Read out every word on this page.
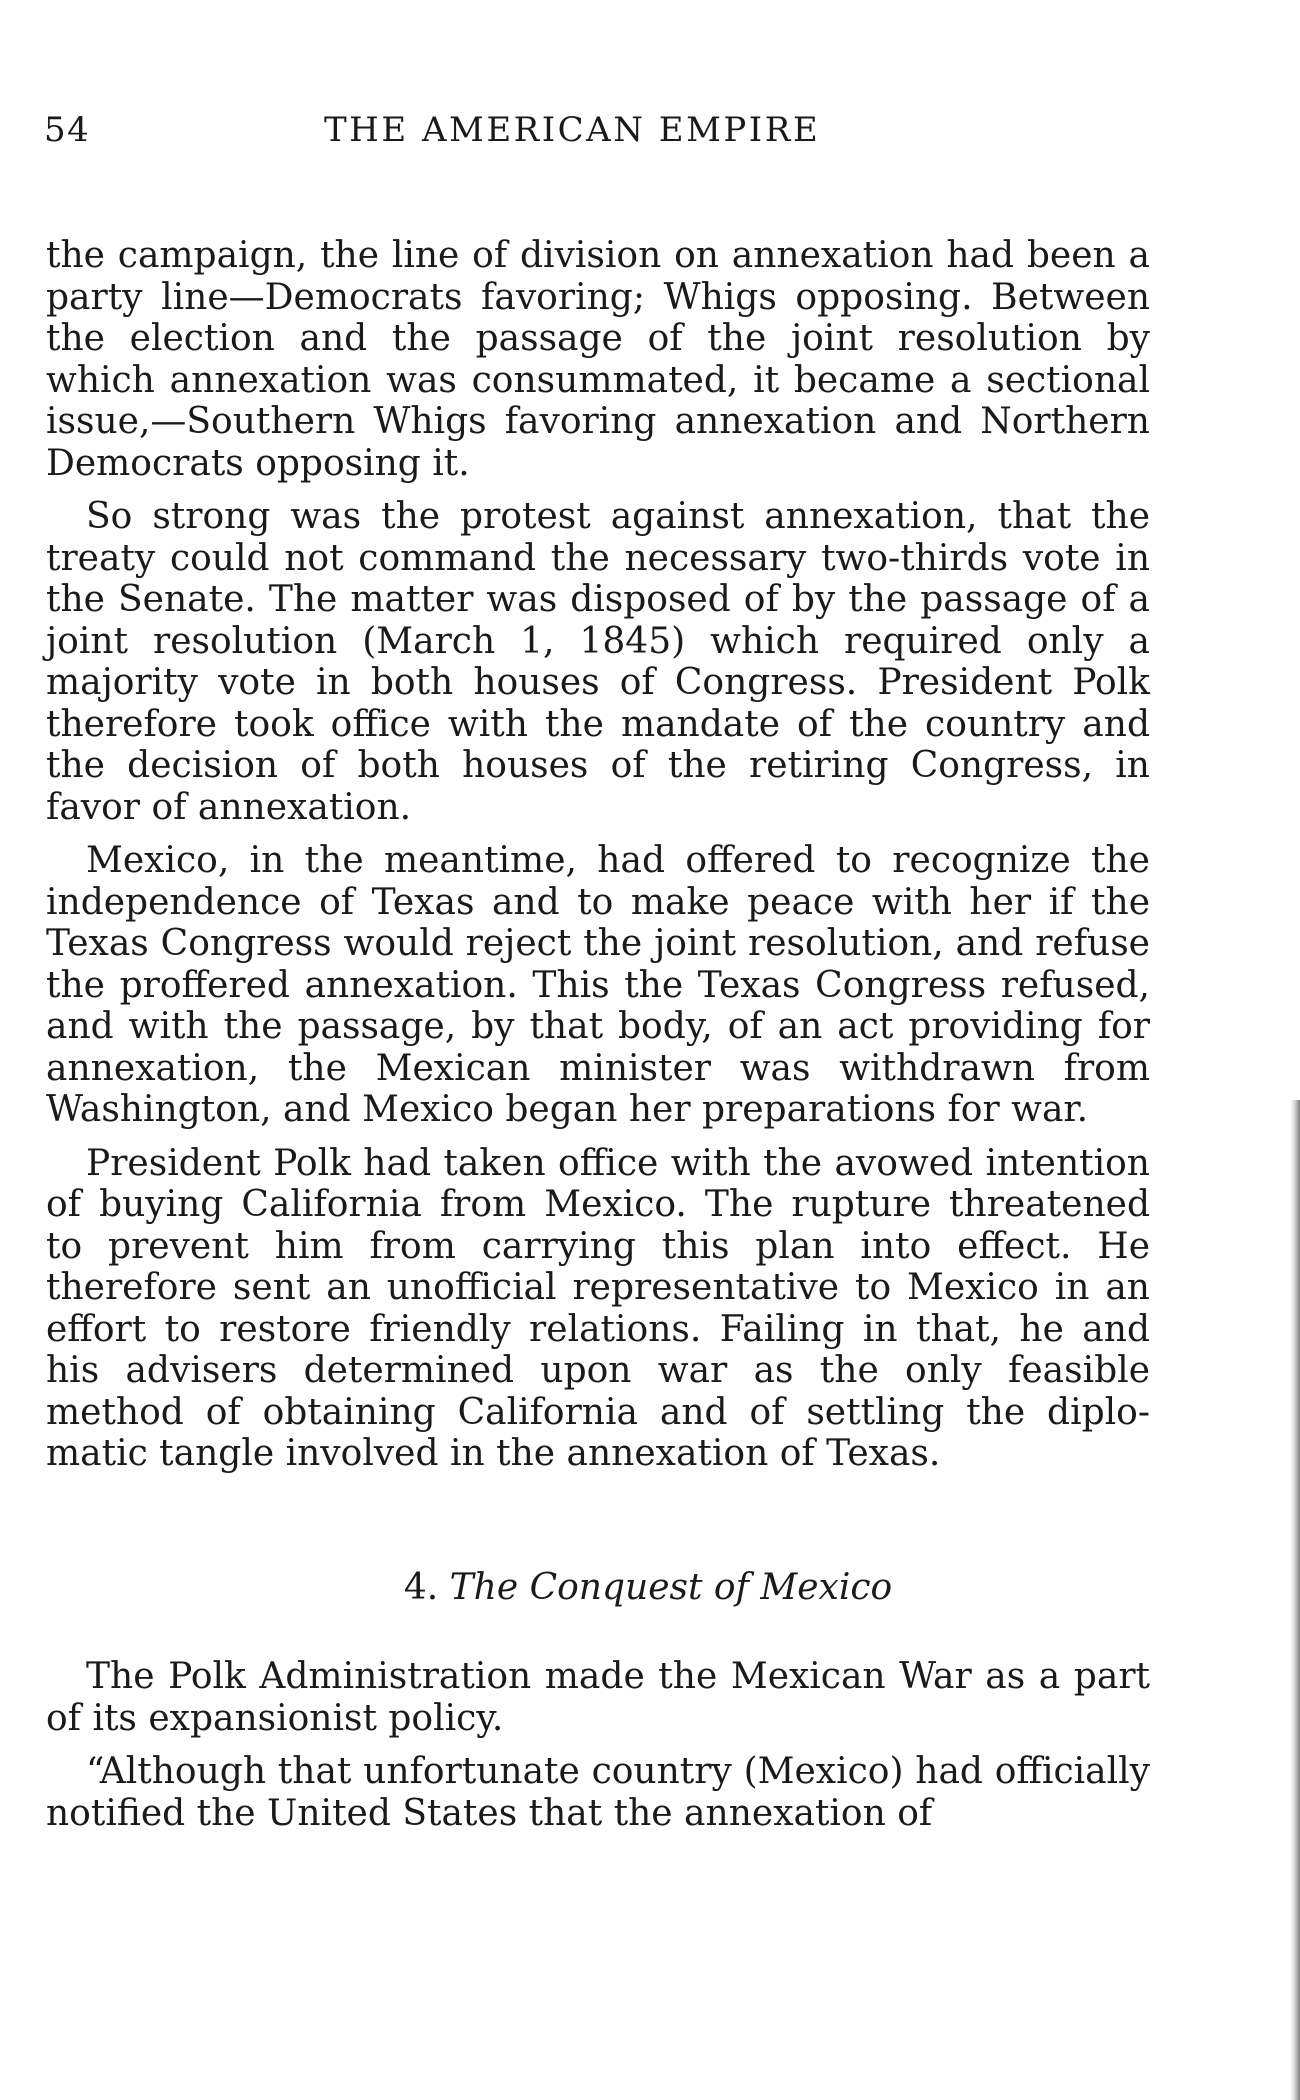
54	THE AMERICAN EMPIRE

the campaign, the line of division on annexation had been a party line—Democrats favoring; Whigs opposing. Between the election and the passage of the joint resolution by which annexation was consummated, it became a sectional issue,—Southern Whigs favoring annexation and Northern Democrats opposing it.

So strong was the protest against annexation, that the treaty could not command the necessary two-thirds vote in the Senate. The matter was disposed of by the passage of a joint resolution (March 1, 1845) which required only a majority vote in both houses of Congress. President Polk therefore took office with the mandate of the country and the decision of both houses of the retiring Congress, in favor of annexation.

Mexico, in the meantime, had offered to recognize the independence of Texas and to make peace with her if the Texas Congress would reject the joint resolution, and refuse the proffered annexation. This the Texas Congress refused, and with the passage, by that body, of an act providing for annexation, the Mexican minister was withdrawn from Washington, and Mexico began her preparations for war.

President Polk had taken office with the avowed intention of buying California from Mexico. The rupture threatened to prevent him from carrying this plan into effect. He therefore sent an unofficial representative to Mexico in an effort to restore friendly relations. Failing in that, he and his advisers determined upon war as the only feasible method of obtaining California and of settling the diplomatic tangle involved in the annexation of Texas.

4. The Conquest of Mexico

The Polk Administration made the Mexican War as a part of its expansionist policy.

“Although that unfortunate country (Mexico) had officially notified the United States that the annexation of
